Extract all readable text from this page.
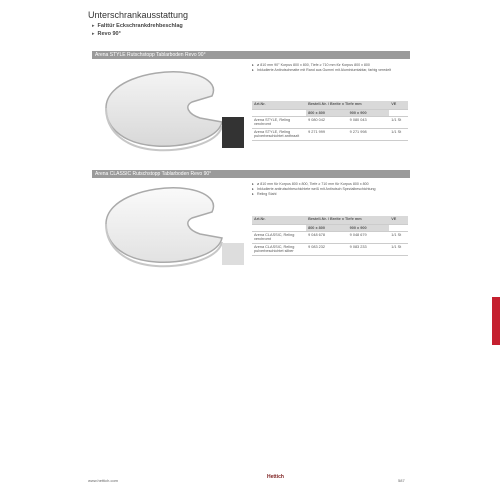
Unterschrankausstattung
▸ Falttür Eckschrankdrehbeschlag
▸ Revo 90°
Arena STYLE Rutschstopp Tablarboden Revo 90°
▸ ø 810 mm 90° Korpus 800 x 800, Tiefe ≥ 710 mm für Korpus 800 x 800
▸ Inkludierte Antirutschmatte mit Rand aus Gummi mit Aluminiumtablar, farbig veredelt
Art.Nr.	Bestell-Nr. / Breite x Tiefe mm		VE
	800 x 800	900 x 900	
Arena STYLE, Reling verchromt	9 080 042	9 080 043	1/1 St
Arena STYLE, Reling pulverbeschichtet anthrazit	9 271 999	9 271 998	1/1 St
Arena CLASSIC Rutschstopp Tablarboden Revo 90°
▸ ø 810 mm für Korpus 800 x 800, Tiefe ≥ 710 mm für Korpus 800 x 800
▸ Inkludierte antirutschbeschichtete weiß mit Antirutsch Spezialbeschichtung
▸ Reling Stahl
Art.Nr.	Bestell-Nr. / Breite x Tiefe mm		VE
	800 x 800	900 x 900	
Arena CLASSIC, Reling verchromt	9 048 678	9 048 679	1/1 St
Arena CLASSIC, Reling pulverbeschichtet silber	9 083 232	9 083 233	1/1 St
www.hettich.com
Hettich
587
